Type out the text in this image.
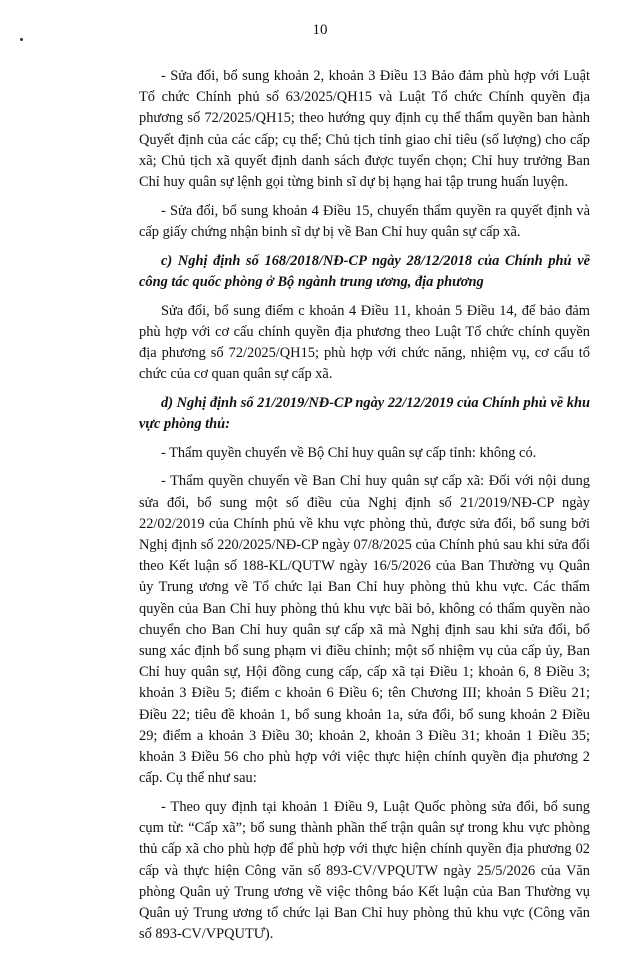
10

- Sửa đổi, bổ sung khoản 2, khoản 3 Điều 13 Bảo đảm phù hợp với Luật Tổ chức Chính phủ số 63/2025/QH15 và Luật Tổ chức Chính quyền địa phương số 72/2025/QH15; theo hướng quy định cụ thể thẩm quyền ban hành Quyết định của các cấp; cụ thể; Chủ tịch tỉnh giao chỉ tiêu (số lượng) cho cấp xã; Chủ tịch xã quyết định danh sách được tuyển chọn; Chỉ huy trưởng Ban Chỉ huy quân sự lệnh gọi từng binh sĩ dự bị hạng hai tập trung huấn luyện.

- Sửa đổi, bổ sung khoản 4 Điều 15, chuyển thẩm quyền ra quyết định và cấp giấy chứng nhận binh sĩ dự bị về Ban Chỉ huy quân sự cấp xã.

c) Nghị định số 168/2018/NĐ-CP ngày 28/12/2018 của Chính phủ về công tác quốc phòng ở Bộ ngành trung ương, địa phương

Sửa đổi, bổ sung điểm c khoản 4 Điều 11, khoản 5 Điều 14, để bảo đảm phù hợp với cơ cấu chính quyền địa phương theo Luật Tổ chức chính quyền địa phương số 72/2025/QH15; phù hợp với chức năng, nhiệm vụ, cơ cấu tổ chức của cơ quan quân sự cấp xã.

d) Nghị định số 21/2019/NĐ-CP ngày 22/12/2019 của Chính phủ về khu vực phòng thủ:

- Thẩm quyền chuyển về Bộ Chỉ huy quân sự cấp tỉnh: không có.

- Thẩm quyền chuyển về Ban Chỉ huy quân sự cấp xã: Đối với nội dung sửa đổi, bổ sung một số điều của Nghị định số 21/2019/NĐ-CP ngày 22/02/2019 của Chính phủ về khu vực phòng thủ, được sửa đổi, bổ sung bởi Nghị định số 220/2025/NĐ-CP ngày 07/8/2025 của Chính phủ sau khi sửa đổi theo Kết luận số 188-KL/QUTW ngày 16/5/2026 của Ban Thường vụ Quân ủy Trung ương về Tổ chức lại Ban Chỉ huy phòng thủ khu vực. Các thẩm quyền của Ban Chỉ huy phòng thủ khu vực bãi bỏ, không có thẩm quyền nào chuyển cho Ban Chỉ huy quân sự cấp xã mà Nghị định sau khi sửa đổi, bổ sung xác định bổ sung phạm vi điều chỉnh; một số nhiệm vụ của cấp ủy, Ban Chỉ huy quân sự, Hội đồng cung cấp, cấp xã tại Điều 1; khoản 6, 8 Điều 3; khoản 3 Điều 5; điểm c khoản 6 Điều 6; tên Chương III; khoản 5 Điều 21; Điều 22; tiêu đề khoản 1, bổ sung khoản 1a, sửa đổi, bổ sung khoản 2 Điều 29; điểm a khoản 3 Điều 30; khoản 2, khoản 3 Điều 31; khoản 1 Điều 35; khoản 3 Điều 56 cho phù hợp với việc thực hiện chính quyền địa phương 2 cấp. Cụ thể như sau:

- Theo quy định tại khoản 1 Điều 9, Luật Quốc phòng sửa đổi, bổ sung cụm từ: “Cấp xã”; bổ sung thành phần thế trận quân sự trong khu vực phòng thủ cấp xã cho phù hợp để phù hợp với thực hiện chính quyền địa phương 02 cấp và thực hiện Công văn số 893-CV/VPQUTW ngày 25/5/2026 của Văn phòng Quân uỷ Trung ương về việc thông báo Kết luận của Ban Thường vụ Quân uỷ Trung ương tổ chức lại Ban Chỉ huy phòng thủ khu vực (Công văn số 893-CV/VPQUTƯ).
